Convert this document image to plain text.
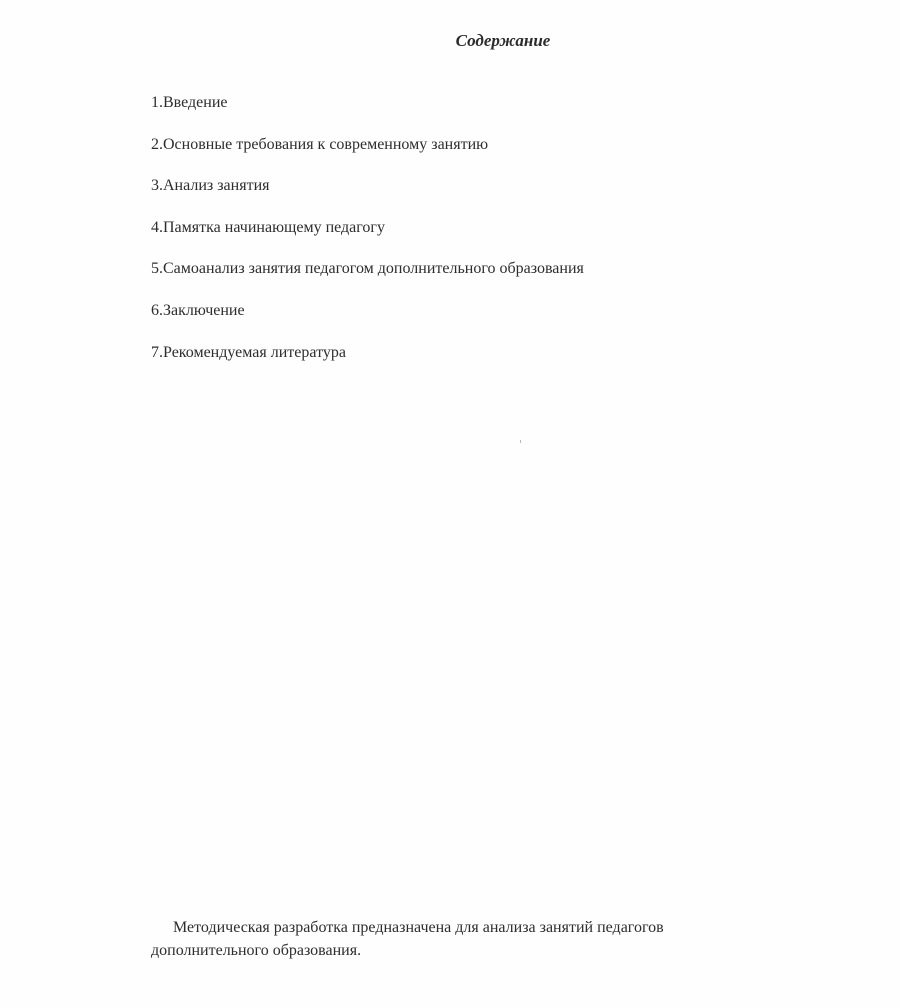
Содержание
1.Введение
2.Основные требования к современному занятию
3.Анализ занятия
4.Памятка начинающему педагогу
5.Самоанализ занятия педагогом дополнительного образования
6.Заключение
7.Рекомендуемая литература

Методическая разработка предназначена для анализа занятий педагогов
дополнительного образования.
